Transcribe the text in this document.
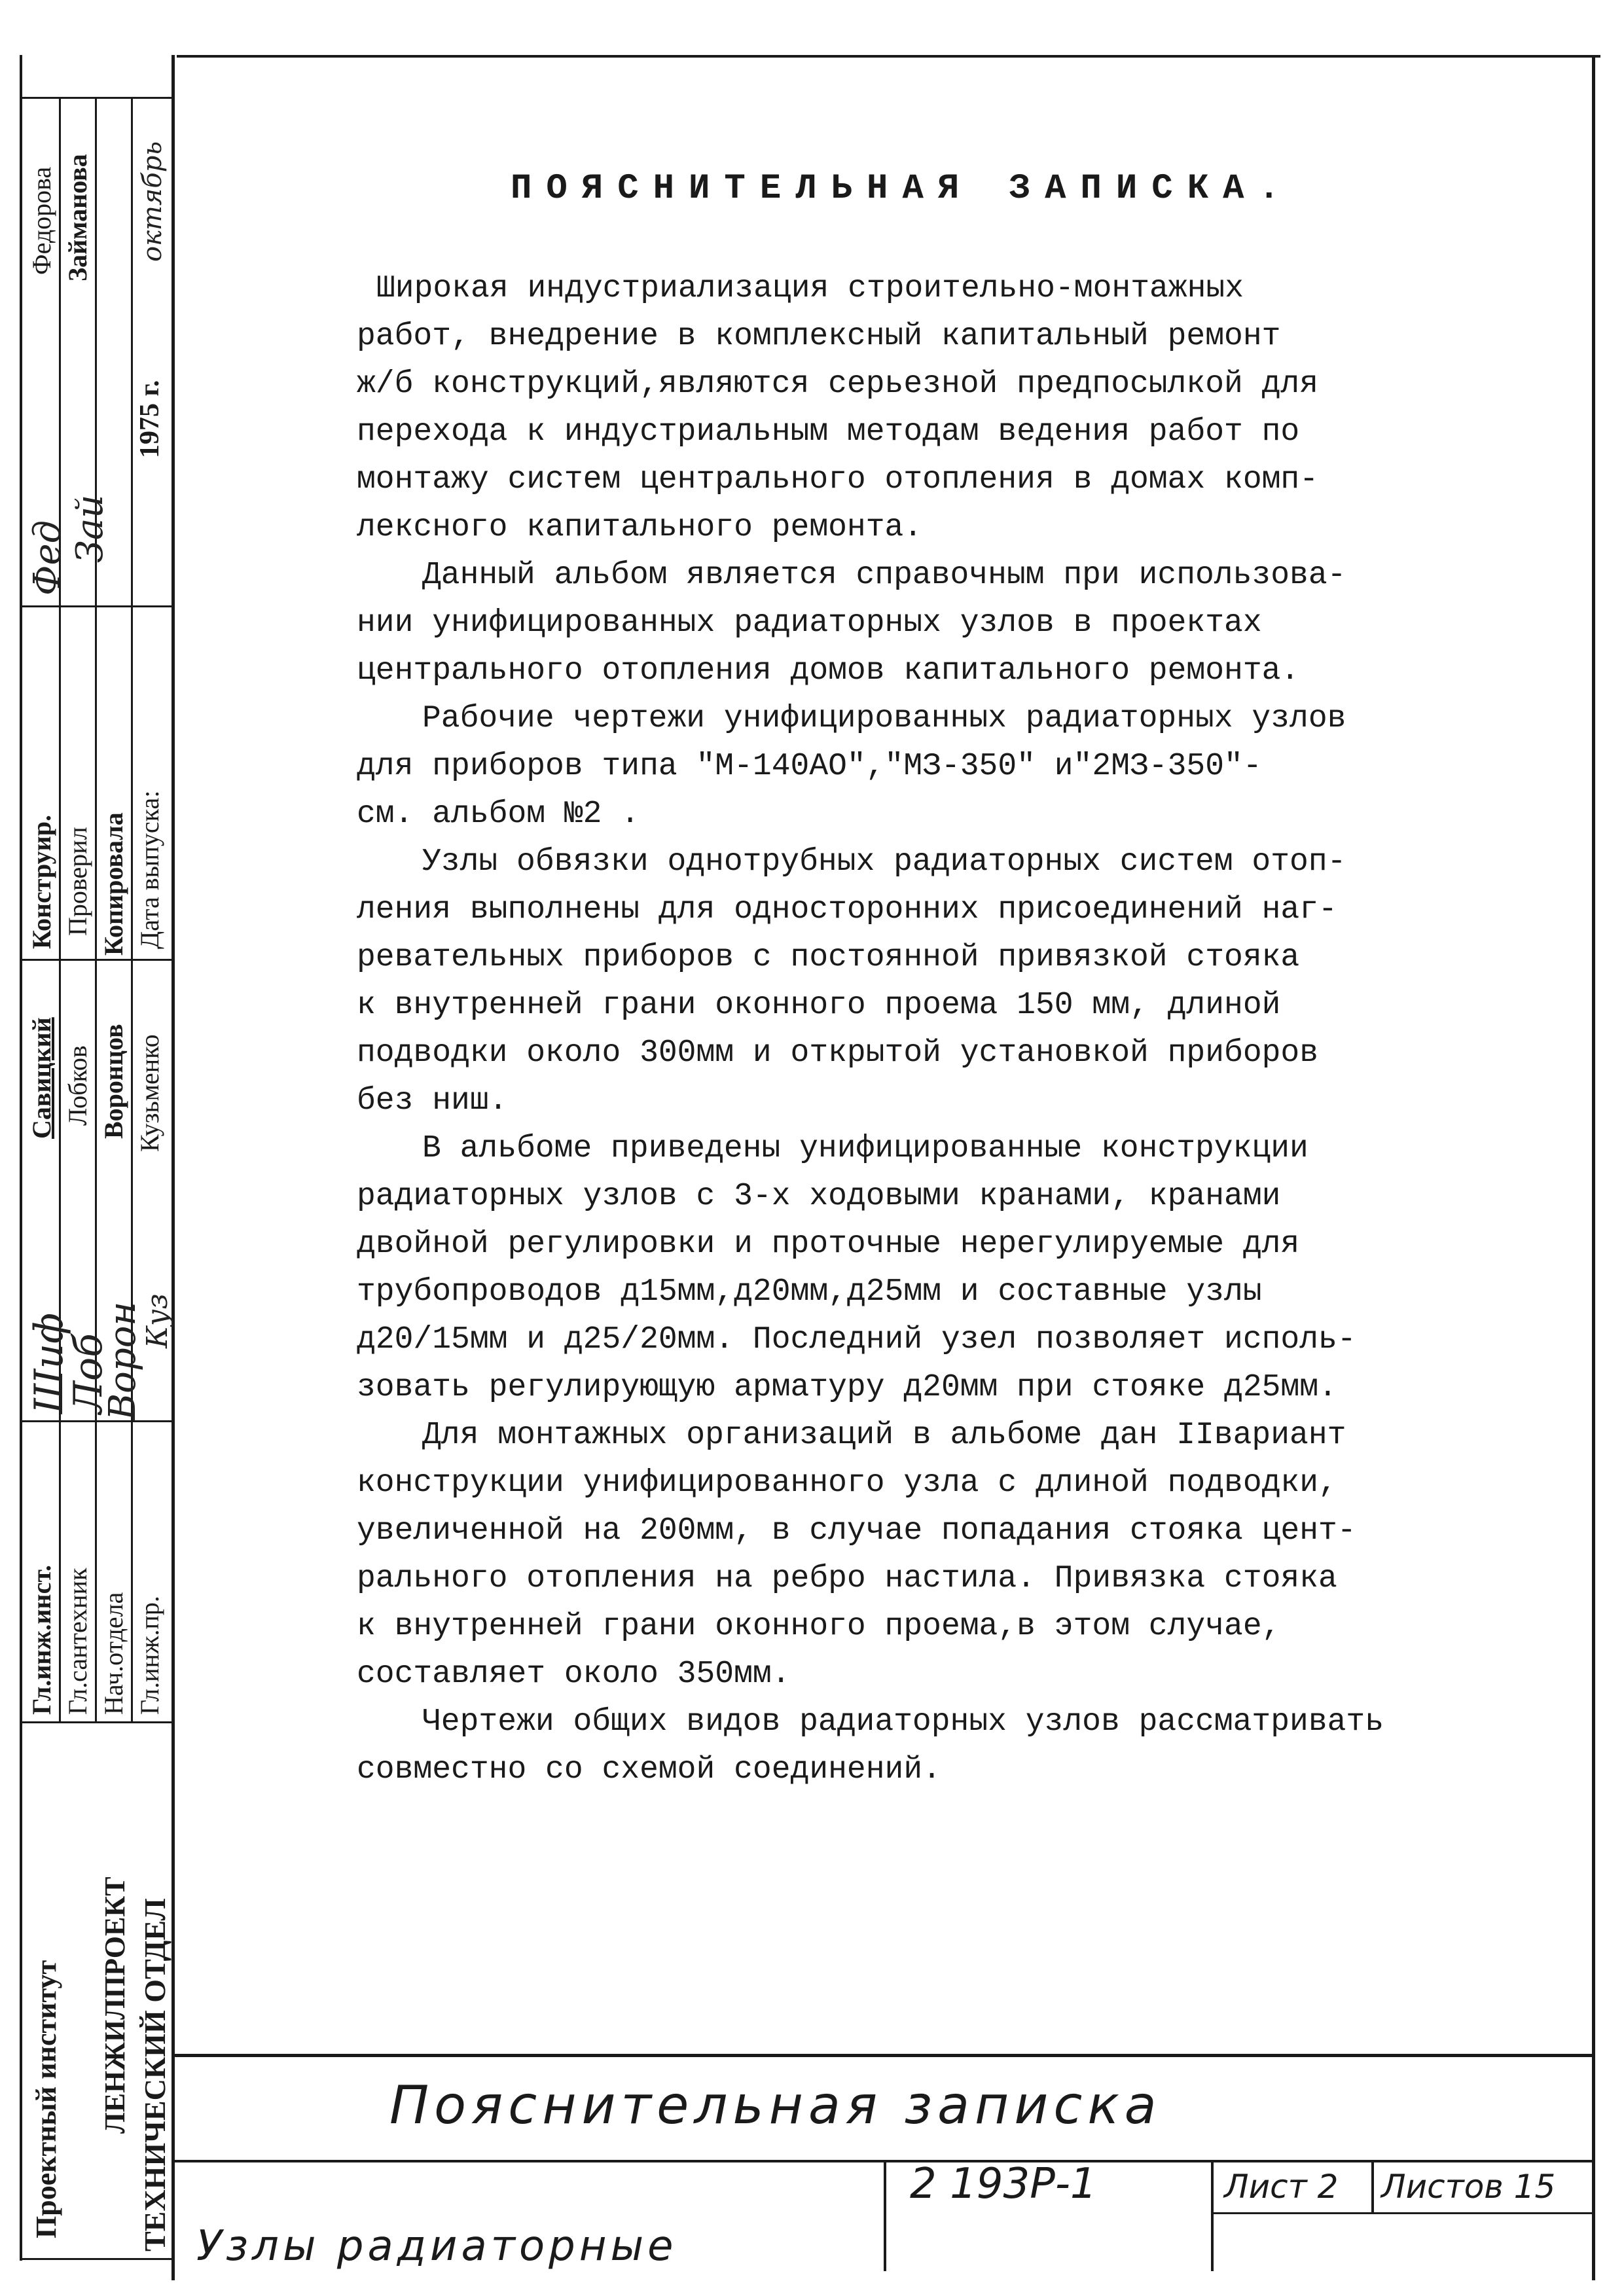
ПОЯСНИТЕЛЬНАЯ ЗАПИСКА.
Широкая индустриализация строительно-монтажных
работ, внедрение в комплексный капитальный ремонт
ж/б конструкций,являются серьезной предпосылкой для
перехода к индустриальным методам ведения работ по
монтажу систем центрального отопления в домах комп-
лексного капитального ремонта.
Данный альбом является справочным при использова-
нии унифицированных радиаторных узлов в проектах
центрального отопления домов капитального ремонта.
Рабочие чертежи унифицированных радиаторных узлов
для приборов типа "М-140АО","МЗ-350" и"2МЗ-350"-
см. альбом №2 .
Узлы обвязки однотрубных радиаторных систем отоп-
ления выполнены для односторонних присоединений наг-
ревательных приборов с постоянной привязкой стояка
к внутренней грани оконного проема 150 мм, длиной
подводки около 300мм и открытой установкой приборов
без ниш.
В альбоме приведены унифицированные конструкции
радиаторных узлов с 3-х ходовыми кранами, кранами
двойной регулировки и проточные нерегулируемые для
трубопроводов д15мм,д20мм,д25мм и составные узлы
д20/15мм и д25/20мм. Последний узел позволяет исполь-
зовать регулирующую арматуру д20мм при стояке д25мм.
Для монтажных организаций в альбоме дан IIвариант
конструкции унифицированного узла с длиной подводки,
увеличенной на 200мм, в случае попадания стояка цент-
рального отопления на ребро настила. Привязка стояка
к внутренней грани оконного проема,в этом случае,
составляет около 350мм.
Чертежи общих видов радиаторных узлов рассматривать
совместно со схемой соединений.
Проектный институт ЛЕНЖИЛПРОЕКТ ТЕХНИЧЕСКИЙ ОТДЕЛ
Гл.инж.инст. Гл.сантехник Нач.отдела Гл.инж.пр.
Савицкий Лобков Воронцов Кузьменко
Шиф
Лоб
Ворон
Куз
Конструир. Проверил Копировала Дата выпуска:
Федорова Займанова
Фед Зай
1975 г.
октябрь
Пояснительная записка
2 193Р-1	Лист 2 Листов 15
Узлы радиаторные
